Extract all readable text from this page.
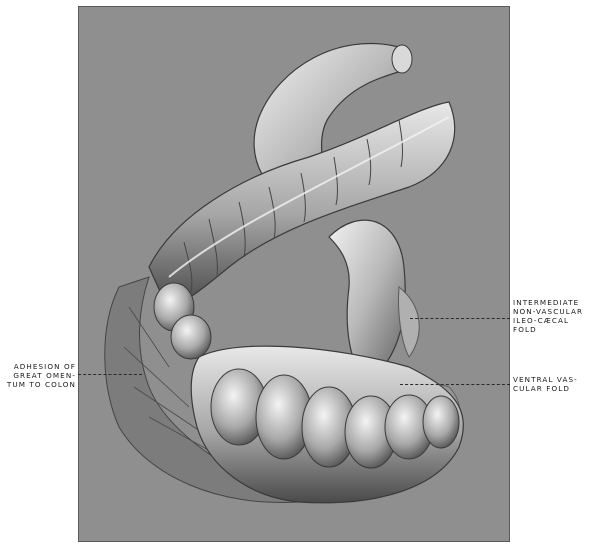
ADHESION OF
GREAT OMEN-
TUM TO COLON
INTERMEDIATE
NON-VASCULAR
ILEO-CÆCAL
FOLD
VENTRAL VAS-
CULAR FOLD
